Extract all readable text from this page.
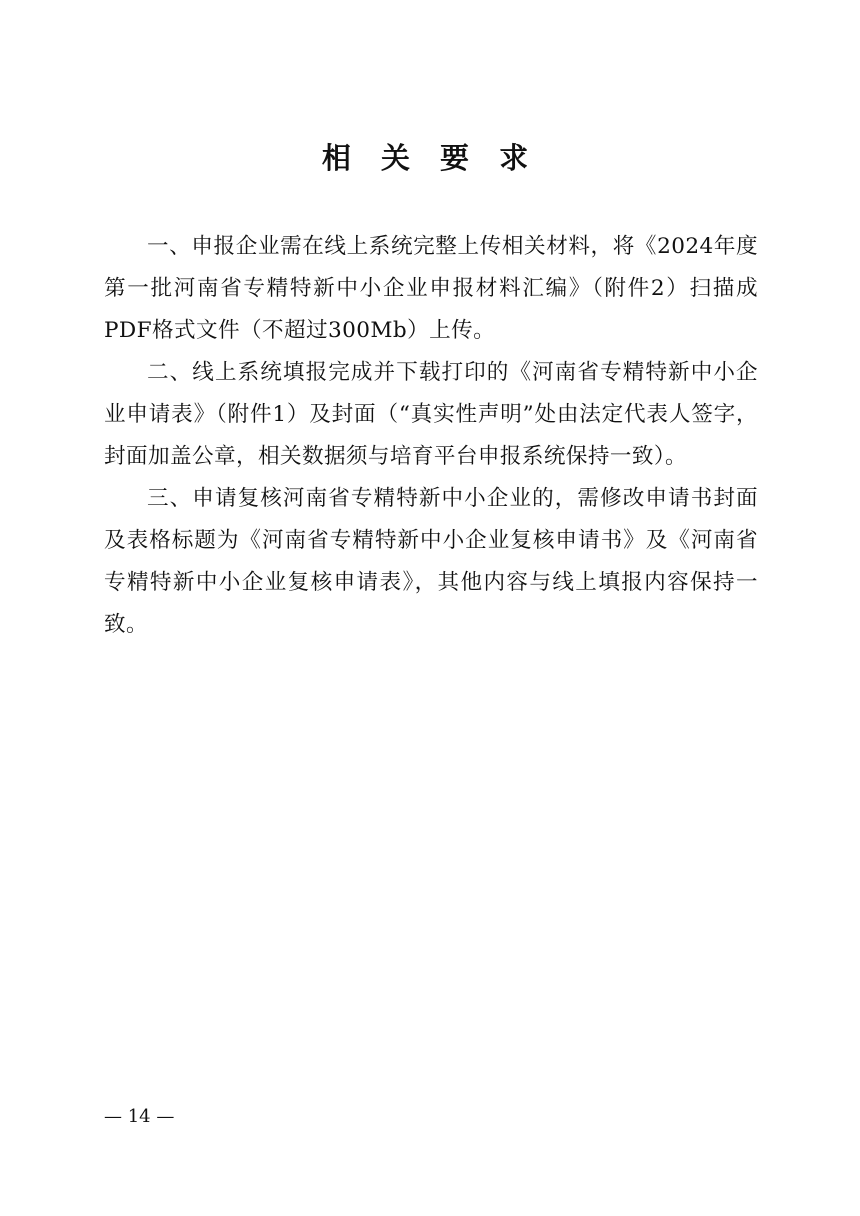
相 关 要 求

一、申报企业需在线上系统完整上传相关材料，将《2024年度第一批河南省专精特新中小企业申报材料汇编》（附件2）扫描成PDF格式文件（不超过300Mb）上传。

二、线上系统填报完成并下载打印的《河南省专精特新中小企业申请表》（附件1）及封面（“真实性声明”处由法定代表人签字，封面加盖公章，相关数据须与培育平台申报系统保持一致）。

三、申请复核河南省专精特新中小企业的，需修改申请书封面及表格标题为《河南省专精特新中小企业复核申请书》及《河南省专精特新中小企业复核申请表》，其他内容与线上填报内容保持一致。

— 14 —
